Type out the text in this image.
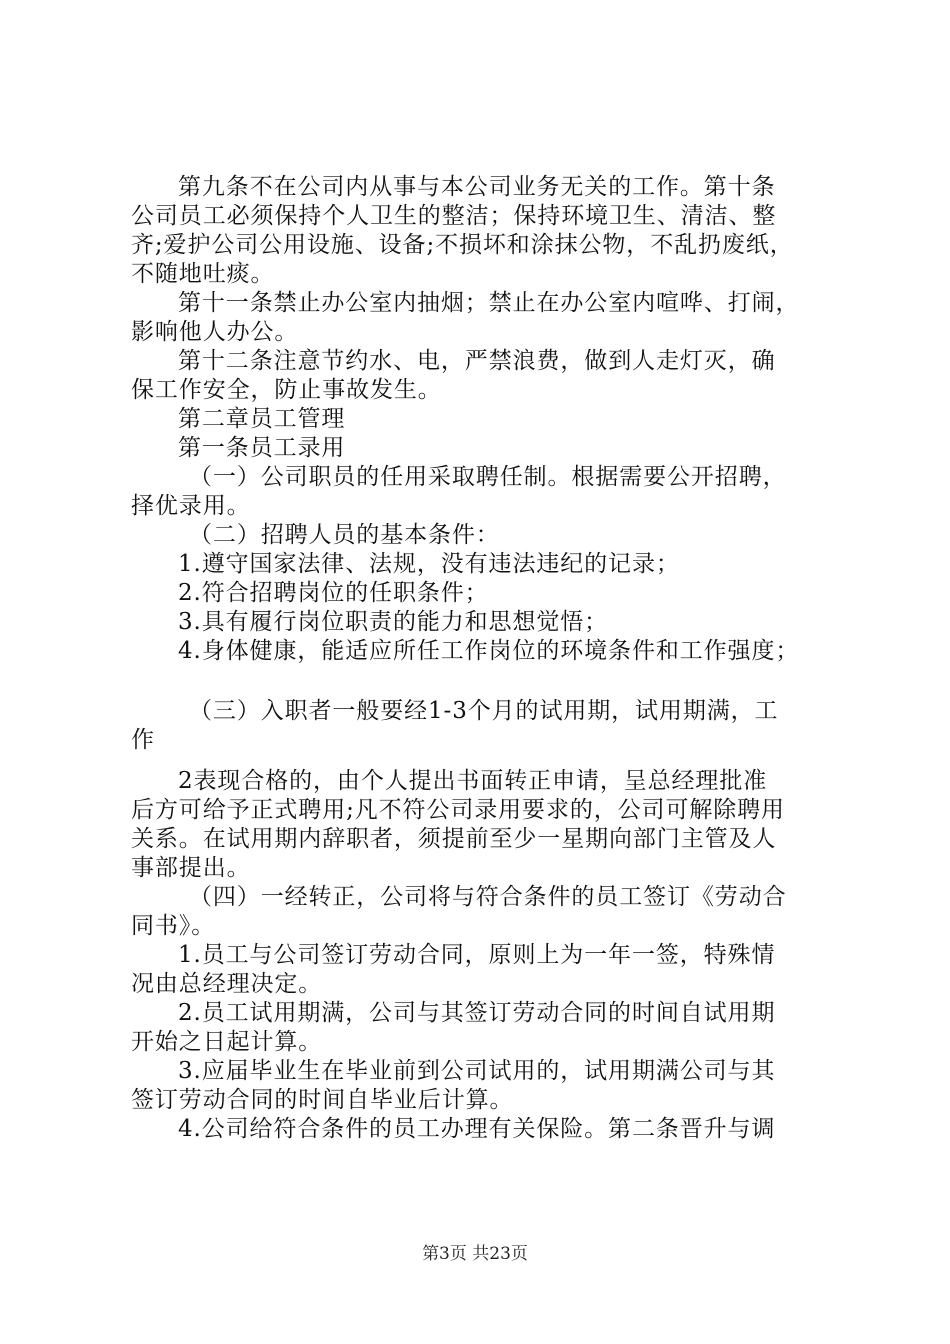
第九条不在公司内从事与本公司业务无关的工作。第十条
公司员工必须保持个人卫生的整洁；保持环境卫生、清洁、整
齐;爱护公司公用设施、设备;不损坏和涂抹公物，不乱扔废纸，
不随地吐痰。
第十一条禁止办公室内抽烟；禁止在办公室内喧哗、打闹，
影响他人办公。
第十二条注意节约水、电，严禁浪费，做到人走灯灭，确
保工作安全，防止事故发生。
第二章员工管理
第一条员工录用
（一）公司职员的任用采取聘任制。根据需要公开招聘，
择优录用。
（二）招聘人员的基本条件：
1.遵守国家法律、法规，没有违法违纪的记录；
2.符合招聘岗位的任职条件；
3.具有履行岗位职责的能力和思想觉悟；
4.身体健康，能适应所任工作岗位的环境条件和工作强度；
（三）入职者一般要经1-3个月的试用期，试用期满，工
作
2表现合格的，由个人提出书面转正申请，呈总经理批准
后方可给予正式聘用;凡不符公司录用要求的，公司可解除聘用
关系。在试用期内辞职者，须提前至少一星期向部门主管及人
事部提出。
（四）一经转正，公司将与符合条件的员工签订《劳动合
同书》。
1.员工与公司签订劳动合同，原则上为一年一签，特殊情
况由总经理决定。
2.员工试用期满，公司与其签订劳动合同的时间自试用期
开始之日起计算。
3.应届毕业生在毕业前到公司试用的，试用期满公司与其
签订劳动合同的时间自毕业后计算。
4.公司给符合条件的员工办理有关保险。第二条晋升与调
第3页 共23页
